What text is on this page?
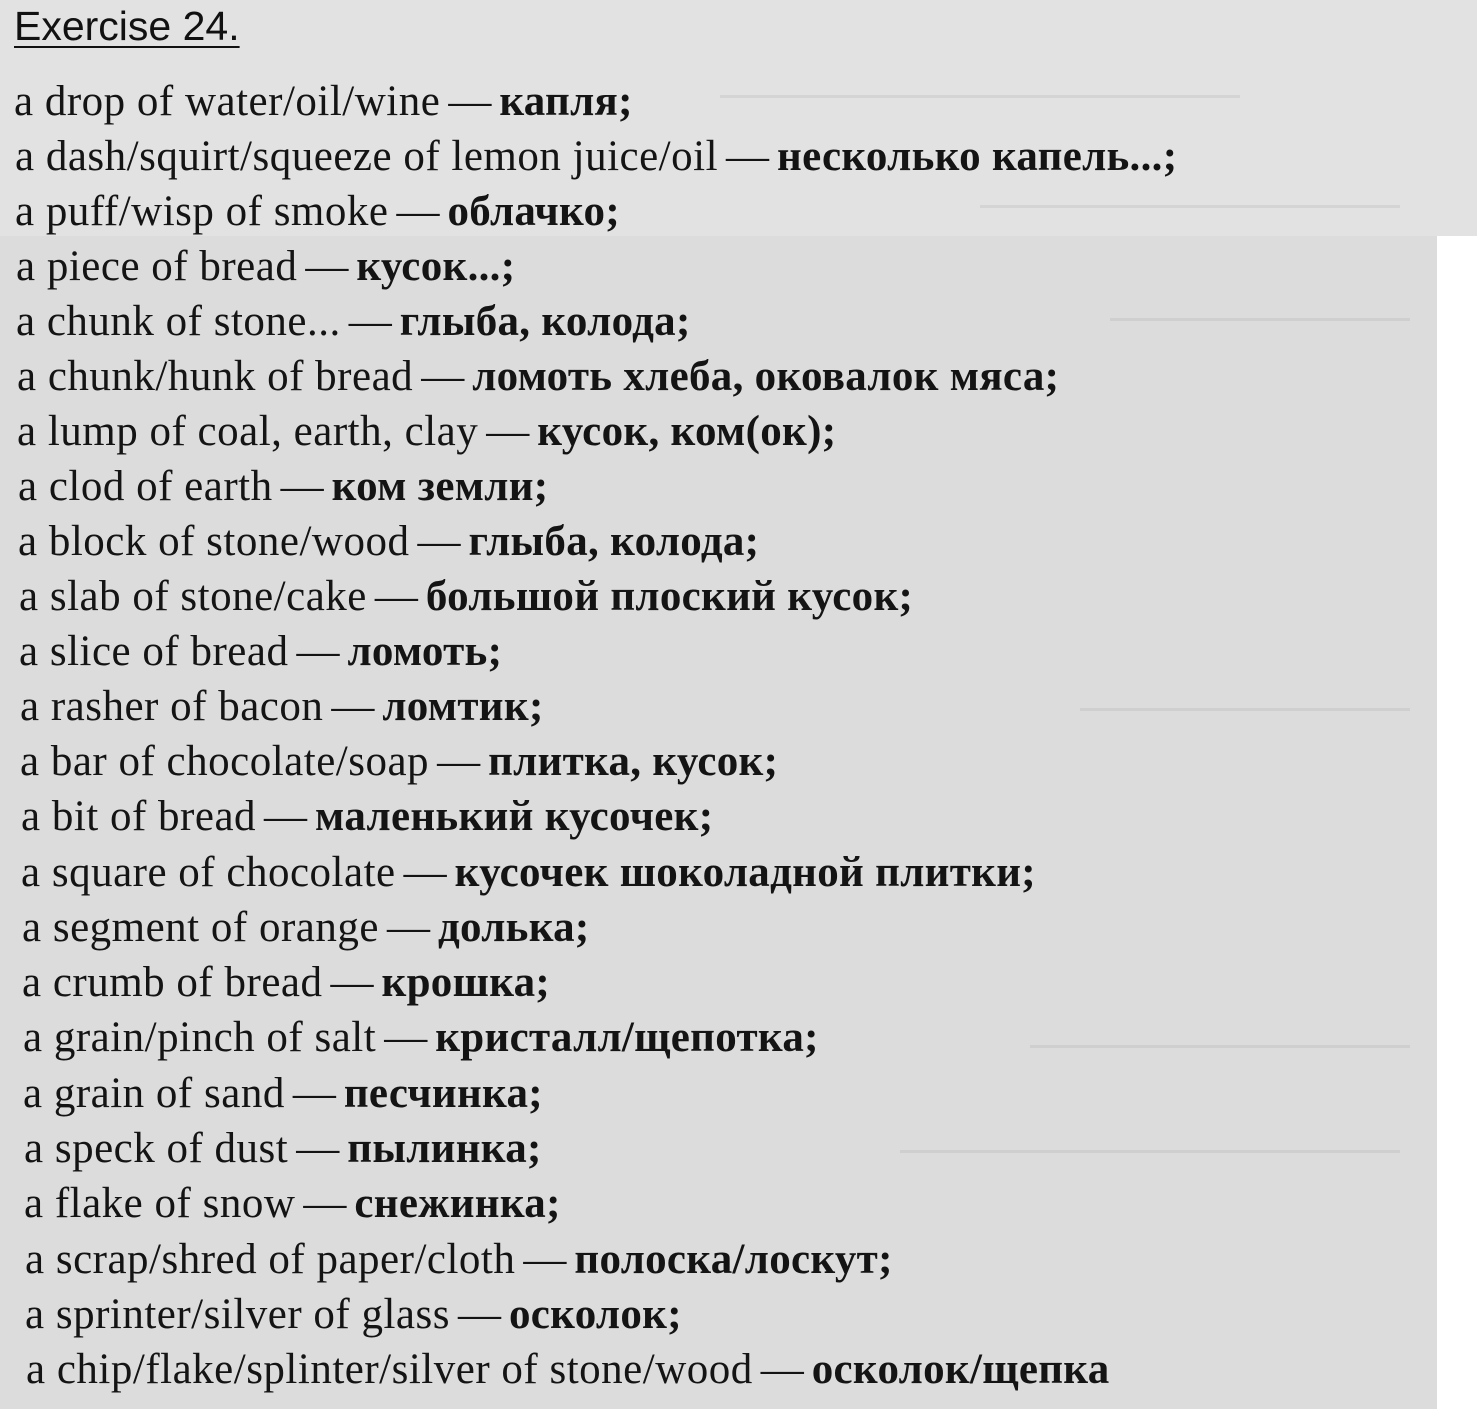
Exercise 24.
a drop of water/oil/wine — капля;
a dash/squirt/squeeze of lemon juice/oil — несколько капель...;
a puff/wisp of smoke — облачко;
a piece of bread — кусок...;
a chunk of stone... — глыба, колода;
a chunk/hunk of bread — ломоть хлеба, оковалок мяса;
a lump of coal, earth, clay — кусок, ком(ок);
a clod of earth — ком земли;
a block of stone/wood — глыба, колода;
a slab of stone/cake — большой плоский кусок;
a slice of bread — ломоть;
a rasher of bacon — ломтик;
a bar of chocolate/soap — плитка, кусок;
a bit of bread — маленький кусочек;
a square of chocolate — кусочек шоколадной плитки;
a segment of orange — долька;
a crumb of bread — крошка;
a grain/pinch of salt — кристалл/щепотка;
a grain of sand — песчинка;
a speck of dust — пылинка;
a flake of snow — снежинка;
a scrap/shred of paper/cloth — полоска/лоскут;
a sprinter/silver of glass — осколок;
a chip/flake/splinter/silver of stone/wood — осколок/щепка
